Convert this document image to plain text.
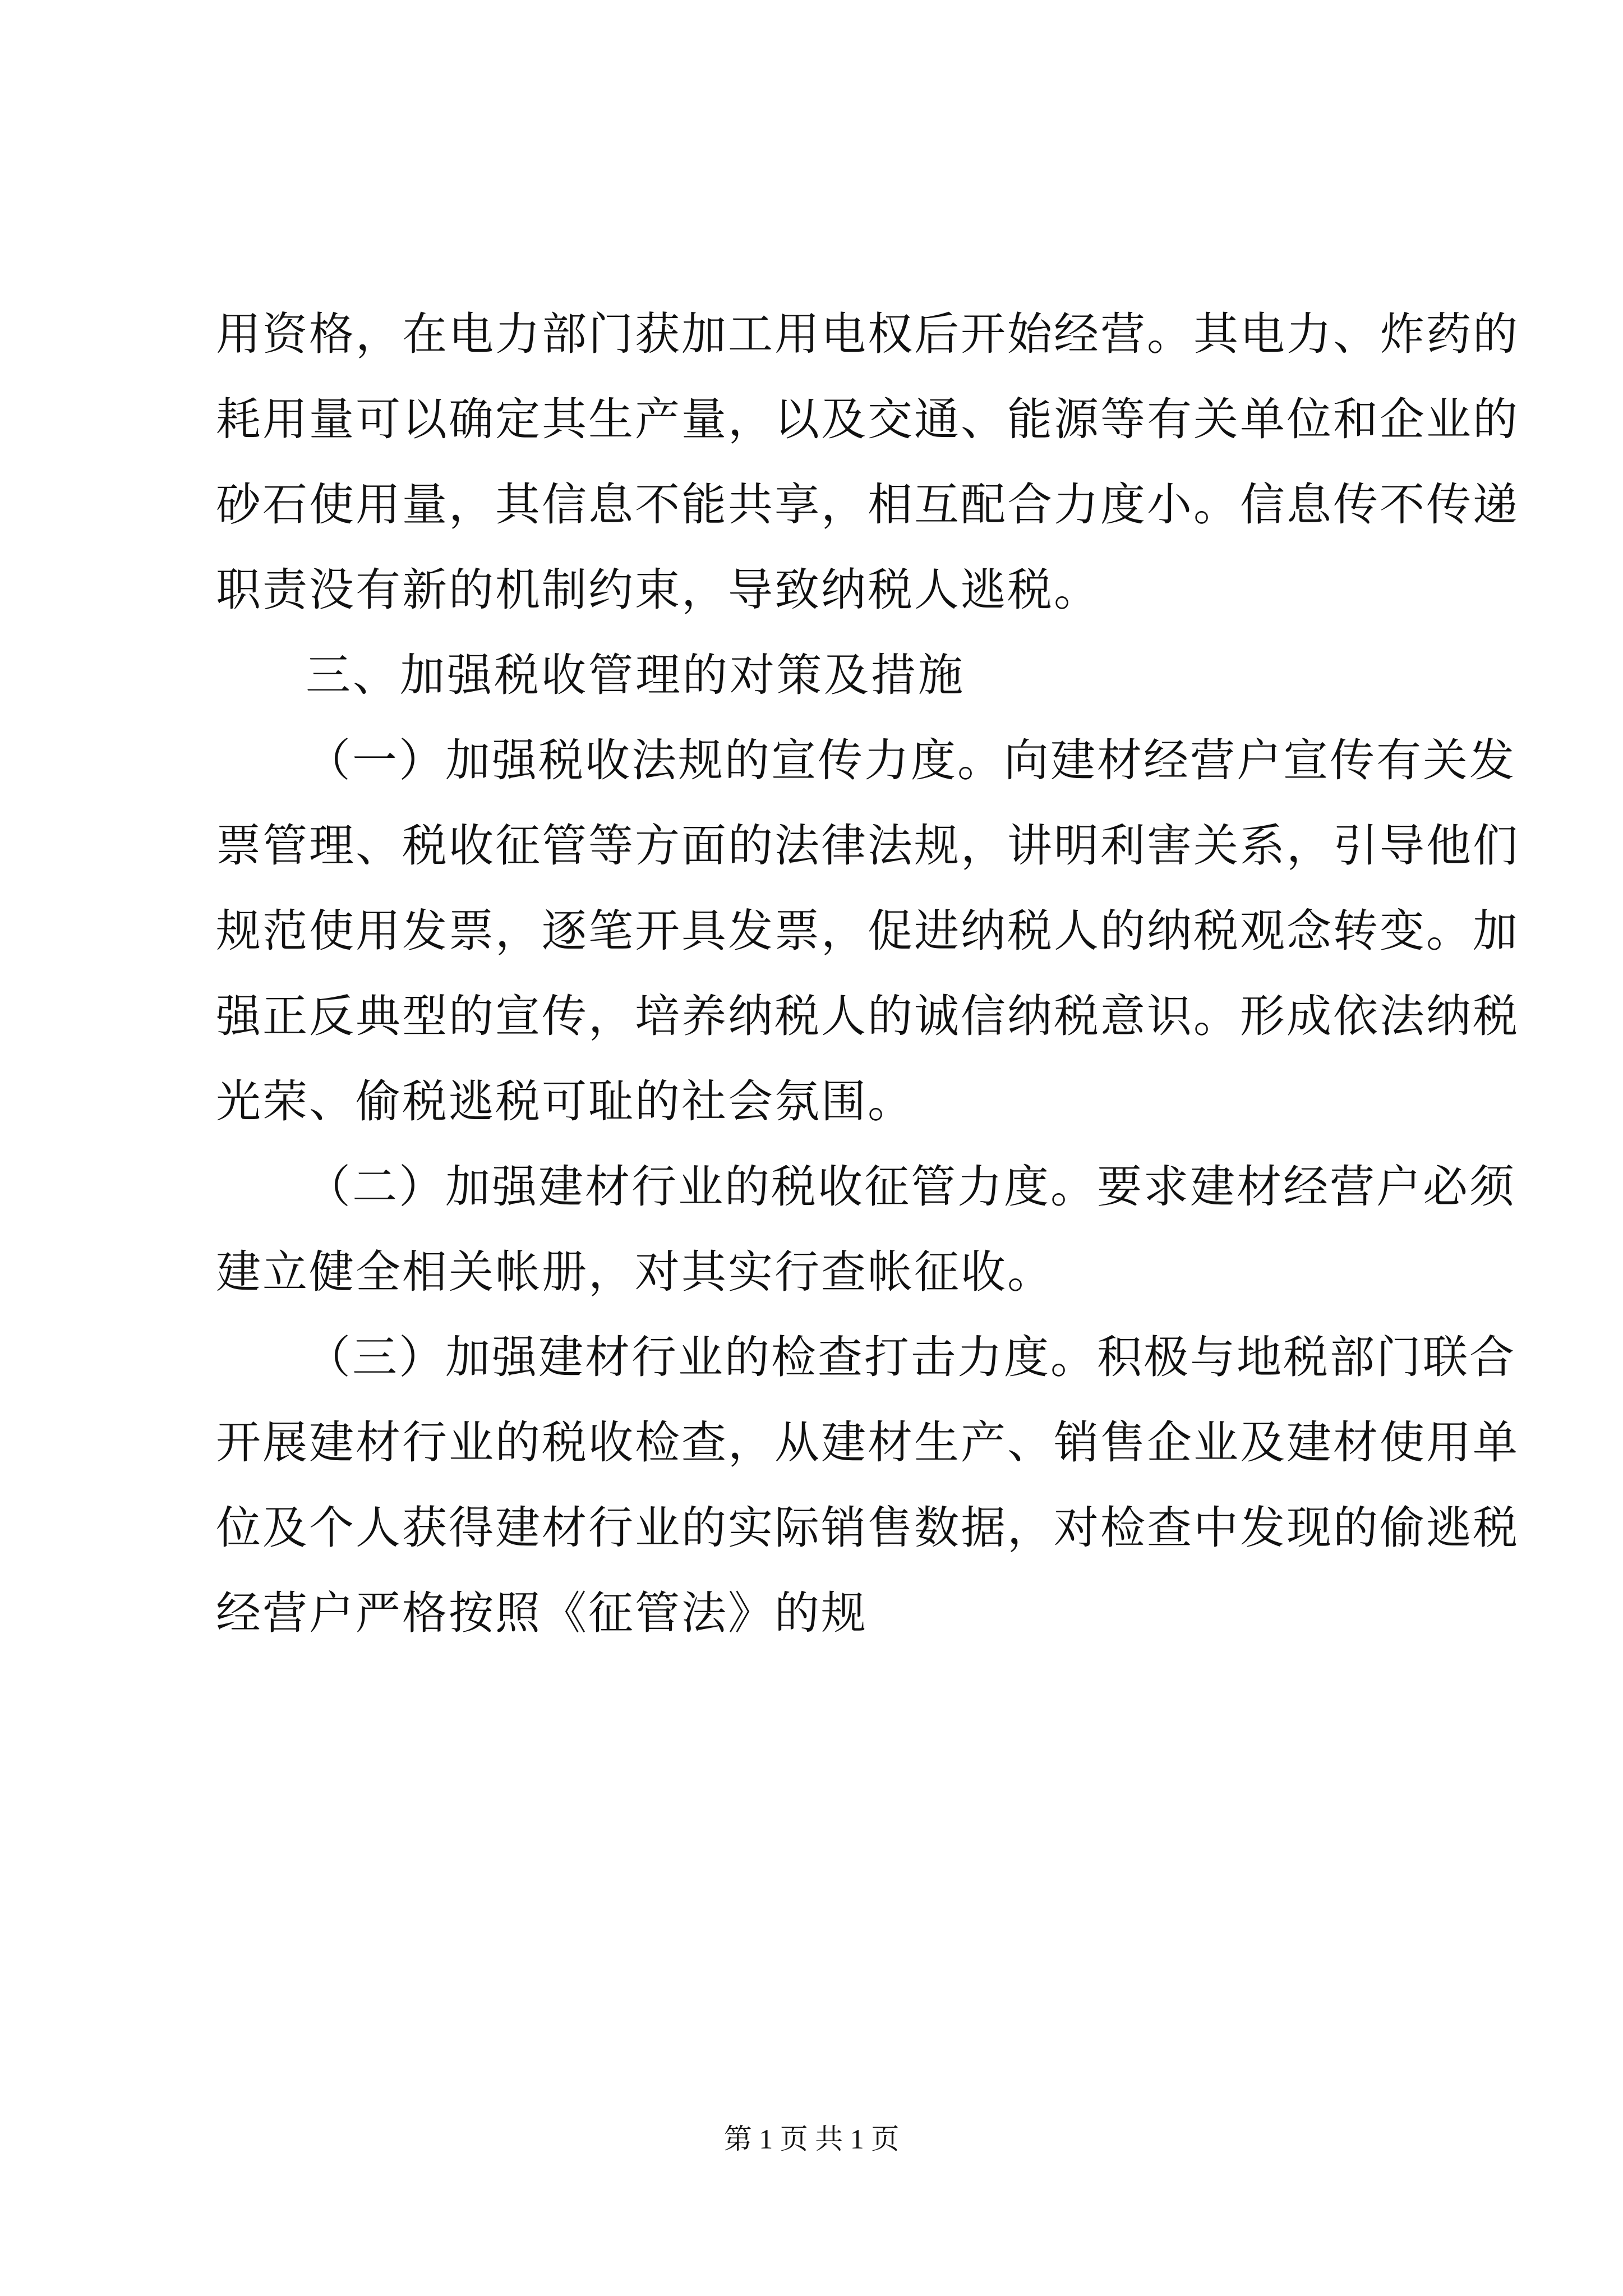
用资格，在电力部门获加工用电权后开始经营。其电力、炸药的
耗用量可以确定其生产量，以及交通、能源等有关单位和企业的
砂石使用量，其信息不能共享，相互配合力度小。信息传不传递
职责没有新的机制约束，导致纳税人逃税。
三、加强税收管理的对策及措施
（一）加强税收法规的宣传力度。向建材经营户宣传有关发
票管理、税收征管等方面的法律法规，讲明利害关系，引导他们
规范使用发票，逐笔开具发票，促进纳税人的纳税观念转变。加
强正反典型的宣传，培养纳税人的诚信纳税意识。形成依法纳税
光荣、偷税逃税可耻的社会氛围。
（二）加强建材行业的税收征管力度。要求建材经营户必须
建立健全相关帐册，对其实行查帐征收。
（三）加强建材行业的检查打击力度。积极与地税部门联合
开展建材行业的税收检查，从建材生产、销售企业及建材使用单
位及个人获得建材行业的实际销售数据，对检查中发现的偷逃税
经营户严格按照《征管法》的规
第 1 页 共 1 页
